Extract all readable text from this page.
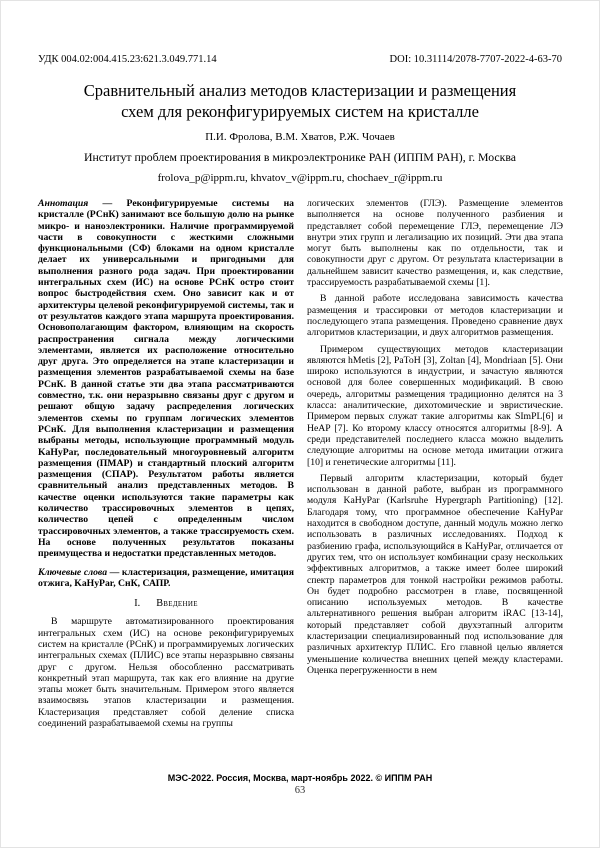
УДК 004.02:004.415.23:621.3.049.771.14	DOI: 10.31114/2078-7707-2022-4-63-70
Сравнительный анализ методов кластеризации и размещения
схем для реконфигурируемых систем на кристалле
П.И. Фролова, В.М. Хватов, Р.Ж. Чочаев
Институт проблем проектирования в микроэлектронике РАН (ИППМ РАН), г. Москва
frolova_p@ippm.ru, khvatov_v@ippm.ru, chochaev_r@ippm.ru

Аннотация — Реконфигурируемые системы на кристалле (РСнК) занимают все большую долю на рынке микро- и наноэлектроники. Наличие программируемой части в совокупности с жесткими сложными функциональными (СФ) блоками на одном кристалле делает их универсальными и пригодными для выполнения разного рода задач. При проектировании интегральных схем (ИС) на основе РСнК остро стоит вопрос быстродействия схем. Оно зависит как и от архитектуры целевой реконфигурируемой системы, так и от результатов каждого этапа маршрута проектирования. Основополагающим фактором, влияющим на скорость распространения сигнала между логическими элементами, является их расположение относительно друг друга. Это определяется на этапе кластеризации и размещения элементов разрабатываемой схемы на базе РСнК. В данной статье эти два этапа рассматриваются совместно, т.к. они неразрывно связаны друг с другом и решают общую задачу распределения логических элементов схемы по группам логических элементов РСнК. Для выполнения кластеризации и размещения выбраны методы, использующие программный модуль KaHyPar, последовательный многоуровневый алгоритм размещения (ПМАР) и стандартный плоский алгоритм размещения (СПАР). Результатом работы является сравнительный анализ представленных методов. В качестве оценки используются такие параметры как количество трассировочных элементов в цепях, количество цепей с определенным числом трассировочных элементов, а также трассируемость схем. На основе полученных результатов показаны преимущества и недостатки представленных методов.

Ключевые слова — кластеризация, размещение, имитация отжига, KaHyPar, СнК, САПР.

I. Введение

В маршруте автоматизированного проектирования интегральных схем (ИС) на основе реконфигурируемых систем на кристалле (РСнК) и программируемых логических интегральных схемах (ПЛИС) все этапы неразрывно связаны друг с другом. Нельзя обособленно рассматривать конкретный этап маршрута, так как его влияние на другие этапы может быть значительным. Примером этого является взаимосвязь этапов кластеризации и размещения. Кластеризация представляет собой деление списка соединений разрабатываемой схемы на группы

логических элементов (ГЛЭ). Размещение элементов выполняется на основе полученного разбиения и представляет собой перемещение ГЛЭ, перемещение ЛЭ внутри этих групп и легализацию их позиций. Эти два этапа могут быть выполнены как по отдельности, так и совокупности друг с другом. От результата кластеризации в дальнейшем зависит качество размещения, и, как следствие, трассируемость разрабатываемой схемы [1].

В данной работе исследована зависимость качества размещения и трассировки от методов кластеризации и последующего этапа размещения. Проведено сравнение двух алгоритмов кластеризации, и двух алгоритмов размещения.

Примером существующих методов кластеризации являются hMetis [2], PaToH [3], Zoltan [4], Mondriaan [5]. Они широко используются в индустрии, и зачастую являются основой для более совершенных модификаций. В свою очередь, алгоритмы размещения традиционно делятся на 3 класса: аналитические, дихотомические и эвристические. Примером первых служат такие алгоритмы как SImPL[6] и HeAP [7]. Ко второму классу относятся алгоритмы [8-9]. А среди представителей последнего класса можно выделить следующие алгоритмы на основе метода имитации отжига [10] и генетические алгоритмы [11].

Первый алгоритм кластеризации, который будет использован в данной работе, выбран из программного модуля KaHyPar (Karlsruhe Hypergraph Partitioning) [12]. Благодаря тому, что программное обеспечение KaHyPar находится в свободном доступе, данный модуль можно легко использовать в различных исследованиях. Подход к разбиению графа, использующийся в KaHyPar, отличается от других тем, что он использует комбинации сразу нескольких эффективных алгоритмов, а также имеет более широкий спектр параметров для тонкой настройки режимов работы. Он будет подробно рассмотрен в главе, посвященной описанию используемых методов. В качестве альтернативного решения выбран алгоритм iRAC [13-14], который представляет собой двухэтапный алгоритм кластеризации специализированный под использование для различных архитектур ПЛИС. Его главной целью является уменьшение количества внешних цепей между кластерами. Оценка перегруженности в нем

МЭС-2022. Россия, Москва, март-ноябрь 2022. © ИППМ РАН
63
